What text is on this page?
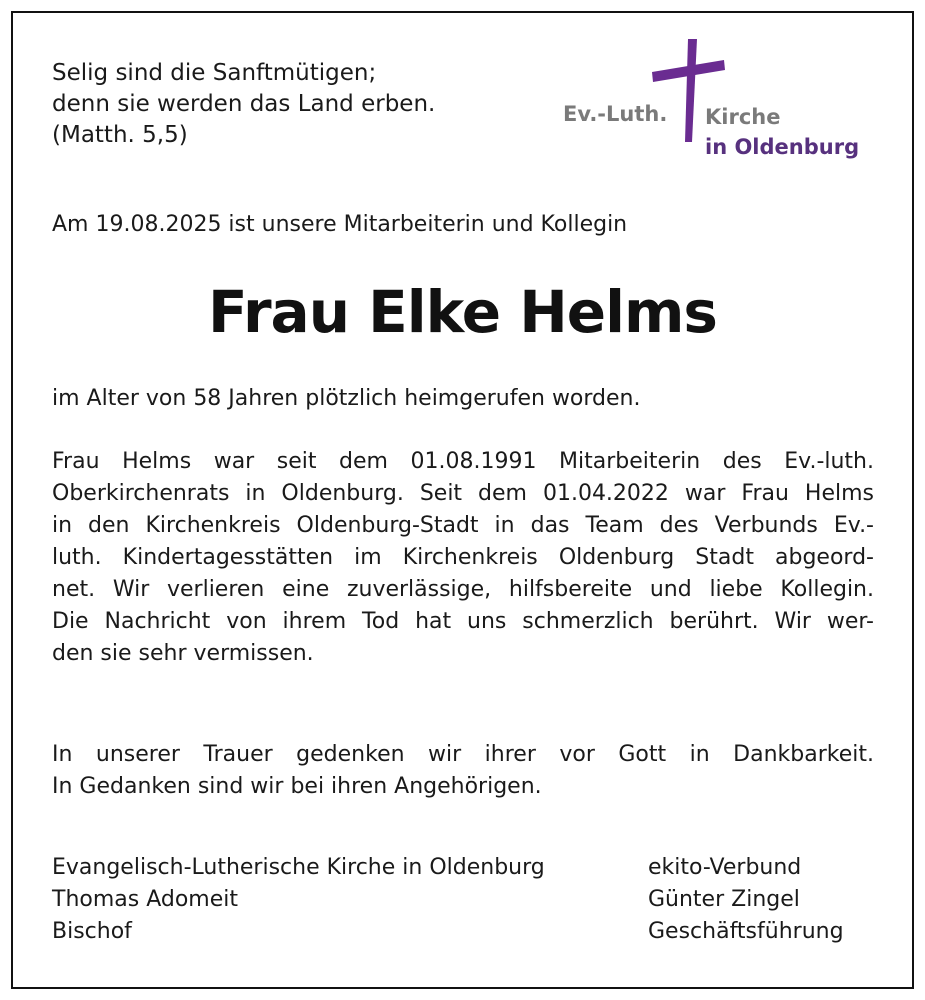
Selig sind die Sanftmütigen;
denn sie werden das Land erben.
(Matth. 5,5)
Ev.-Luth. Kirche
in Oldenburg
Am 19.08.2025 ist unsere Mitarbeiterin und Kollegin
Frau Elke Helms
im Alter von 58 Jahren plötzlich heimgerufen worden.
Frau Helms war seit dem 01.08.1991 Mitarbeiterin des Ev.-luth.
Oberkirchenrats in Oldenburg. Seit dem 01.04.2022 war Frau Helms
in den Kirchenkreis Oldenburg-Stadt in das Team des Verbunds Ev.-
luth. Kindertagesstätten im Kirchenkreis Oldenburg Stadt abgeord-
net. Wir verlieren eine zuverlässige, hilfsbereite und liebe Kollegin.
Die Nachricht von ihrem Tod hat uns schmerzlich berührt. Wir wer-
den sie sehr vermissen.
In unserer Trauer gedenken wir ihrer vor Gott in Dankbarkeit.
In Gedanken sind wir bei ihren Angehörigen.
Evangelisch-Lutherische Kirche in Oldenburg
Thomas Adomeit
Bischof
ekito-Verbund
Günter Zingel
Geschäftsführung
